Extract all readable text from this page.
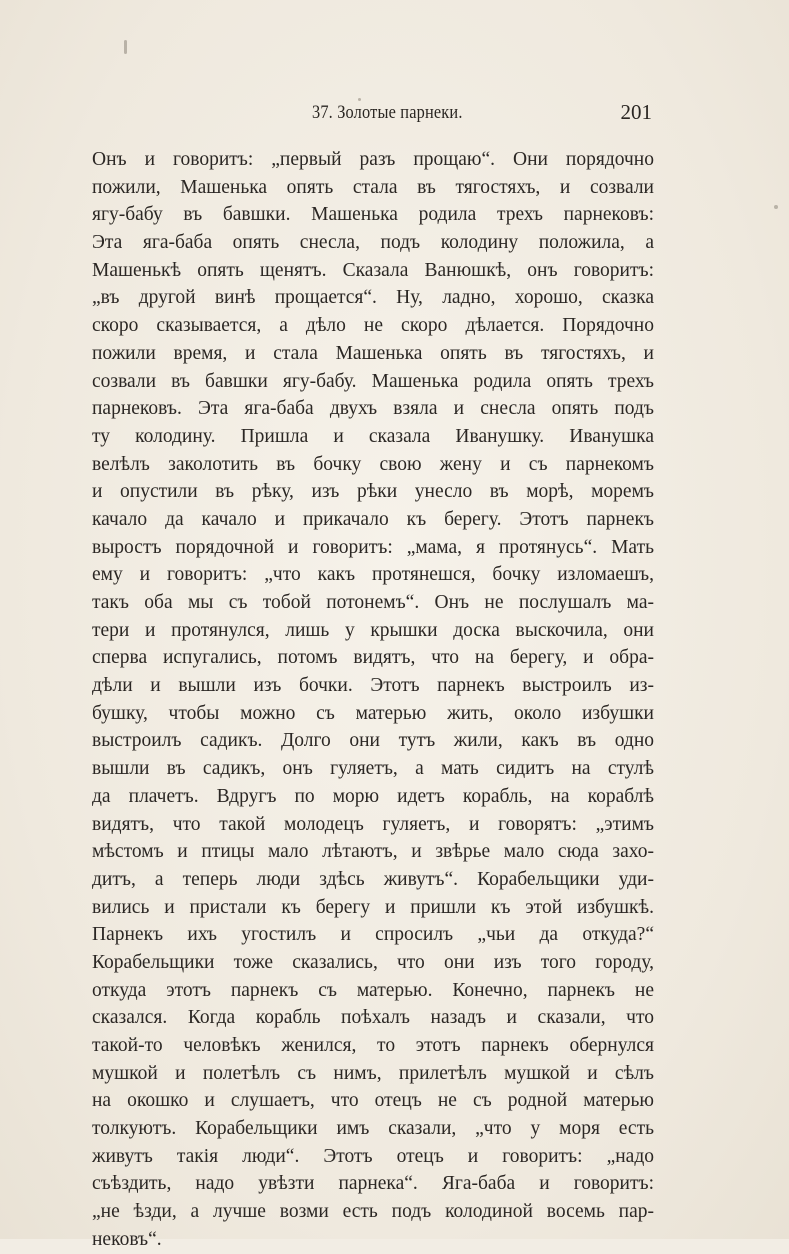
37. Золотые парнеки.	201
Онъ и говоритъ: „первый разъ прощаю“. Они порядочно
пожили, Машенька опять стала въ тягостяхъ, и созвали
ягу-бабу въ бавшки. Машенька родила трехъ парнековъ:
Эта яга-баба опять снесла, подъ колодину положила, а
Машенькѣ опять щенятъ. Сказала Ванюшкѣ, онъ говоритъ:
„въ другой винѣ прощается“. Ну, ладно, хорошо, сказка
скоро сказывается, а дѣло не скоро дѣлается. Порядочно
пожили время, и стала Машенька опять въ тягостяхъ, и
созвали въ бавшки ягу-бабу. Машенька родила опять трехъ
парнековъ. Эта яга-баба двухъ взяла и снесла опять подъ
ту колодину. Пришла и сказала Иванушку. Иванушка
велѣлъ заколотить въ бочку свою жену и съ парнекомъ
и опустили въ рѣку, изъ рѣки унесло въ морѣ, моремъ
качало да качало и прикачало къ берегу. Этотъ парнекъ
выростъ порядочной и говоритъ: „мама, я протянусь“. Мать
ему и говоритъ: „что какъ протянешся, бочку изломаешъ,
такъ оба мы съ тобой потонемъ“. Онъ не послушалъ ма-
тери и протянулся, лишь у крышки доска выскочила, они
сперва испугались, потомъ видятъ, что на берегу, и обра-
дѣли и вышли изъ бочки. Этотъ парнекъ выстроилъ из-
бушку, чтобы можно съ матерью жить, около избушки
выстроилъ садикъ. Долго они тутъ жили, какъ въ одно
вышли въ садикъ, онъ гуляетъ, а мать сидитъ на стулѣ
да плачетъ. Вдругъ по морю идетъ корабль, на кораблѣ
видятъ, что такой молодецъ гуляетъ, и говорятъ: „этимъ
мѣстомъ и птицы мало лѣтаютъ, и звѣрье мало сюда захо-
дитъ, а теперь люди здѣсь живутъ“. Корабельщики уди-
вились и пристали къ берегу и пришли къ этой избушкѣ.
Парнекъ ихъ угостилъ и спросилъ „чьи да откуда?“
Корабельщики тоже сказались, что они изъ того городу,
откуда этотъ парнекъ съ матерью. Конечно, парнекъ не
сказался. Когда корабль поѣхалъ назадъ и сказали, что
такой-то человѣкъ женился, то этотъ парнекъ обернулся
мушкой и полетѣлъ съ нимъ, прилетѣлъ мушкой и сѣлъ
на окошко и слушаетъ, что отецъ не съ родной матерью
толкуютъ. Корабельщики имъ сказали, „что у моря есть
живутъ такія люди“. Этотъ отецъ и говоритъ: „надо
съѣздить, надо увѣзти парнека“. Яга-баба и говоритъ:
„не ѣзди, а лучше возми есть подъ колодиной восемь пар-
нековъ“.
